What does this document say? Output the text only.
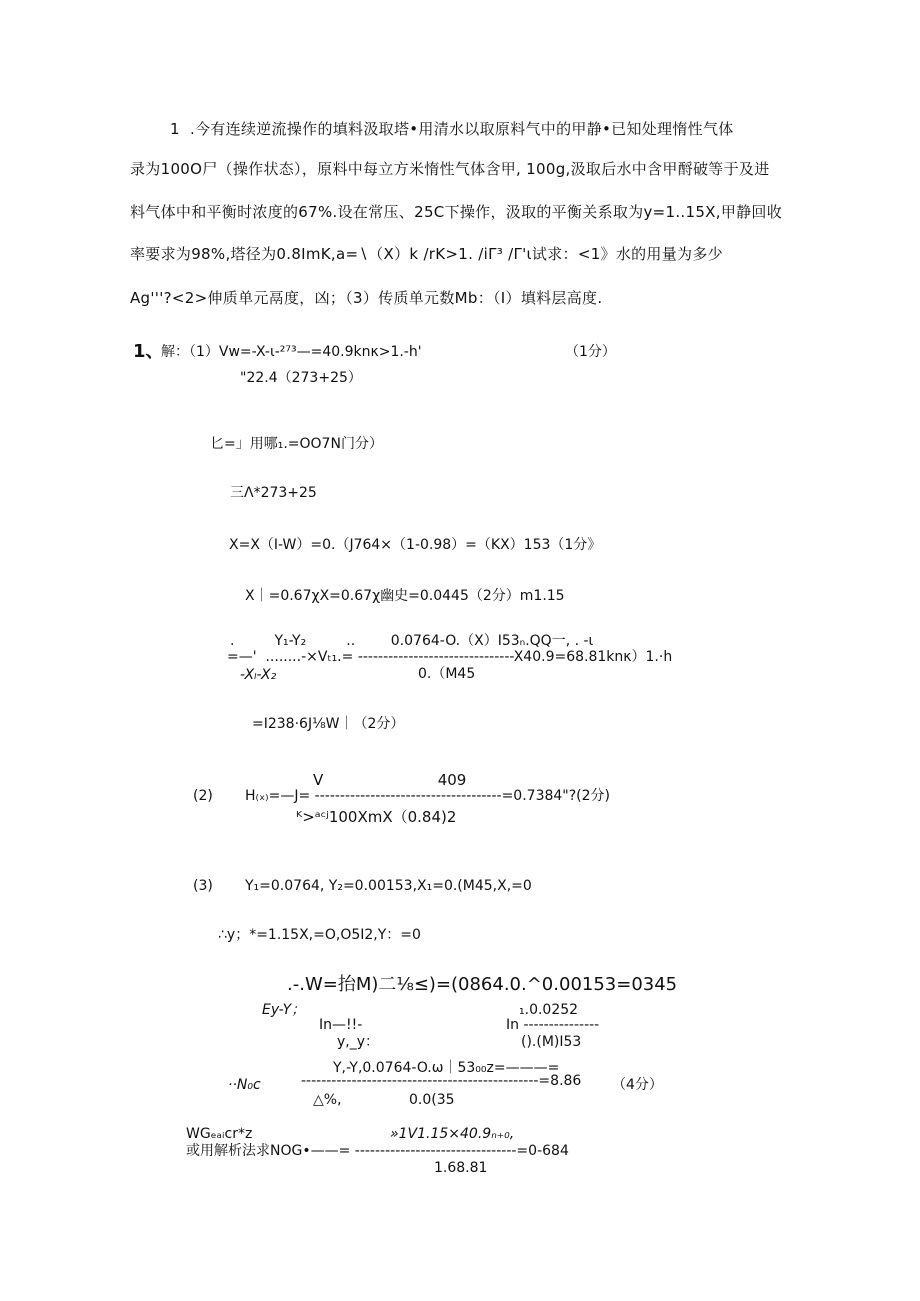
1  .今有连续逆流操作的填料汲取塔•用清水以取原料气中的甲静•已知处理惰性气体
录为100O尸（操作状态），原料中每立方米惰性气体含甲, 100g,汲取后水中含甲酹破等于及进
料气体中和平衡时浓度的67%.设在常压、25C下操作，汲取的平衡关系取为y=1..15X,甲静回收
率要求为98%,塔径为0.8ImK,a=∖（X）k /rK>1. /iΓ³ /Γ'ι试求：<1》水的用量为多少
Ag'''?<2>伸质单元鬲度，凶；（3）传质单元数Mb：（I）填料层高度.
1、
解：（1）Vw=-X-ι-²⁷³—=40.9knκ>1.-h'	（1分）
"22.4（273+25）
匕=」用哪₁.=OO7N门分）
三Λ*273+25
X=X（I-W）=0.（J764×（1-0.98）=（KX）153（1分》
X｜=0.67χX=0.67χ幽史=0.0445（2分）m1.15
.         Y₁-Y₂         ..        0.0764-O.（X）I53ₙ.QQ一, . -ι
=—'  ........-×Vₜ₁.= -------------------------------X40.9=68.81knκ）1.·h
-Xₗ-X₂	0.（M45
=I238·6J⅛W｜（2分）
V                        409
(2) H₍ₓ₎=—J= -------------------------------------=0.7384"?(2分)
ᴷ>ᵃᶜʲ100XmX（0.84)2
(3) Y₁=0.0764, Y₂=0.00153,X₁=0.(M45,X,=0
∴y；*=1.15X,=O,O5I2,Y：=0
.-.W=抬M)二⅛≤)=(0864.0.^0.00153=0345
Ey-Y；	₁.0.0252
In—!!-	In ---------------
y,_y：	().(M)I53
Y,-Y,0.0764-O.ω｜53₀₀ᴢ=———=
··N₀ᴄ	-----------------------------------------------=8.86 （4分）
△%,	0.0(35
WGₑₐᵢᴄr*z	»1V1.15×40.9ₙ₊₀,
或用解析法求NOG•——= --------------------------------=0-684
1.68.81
